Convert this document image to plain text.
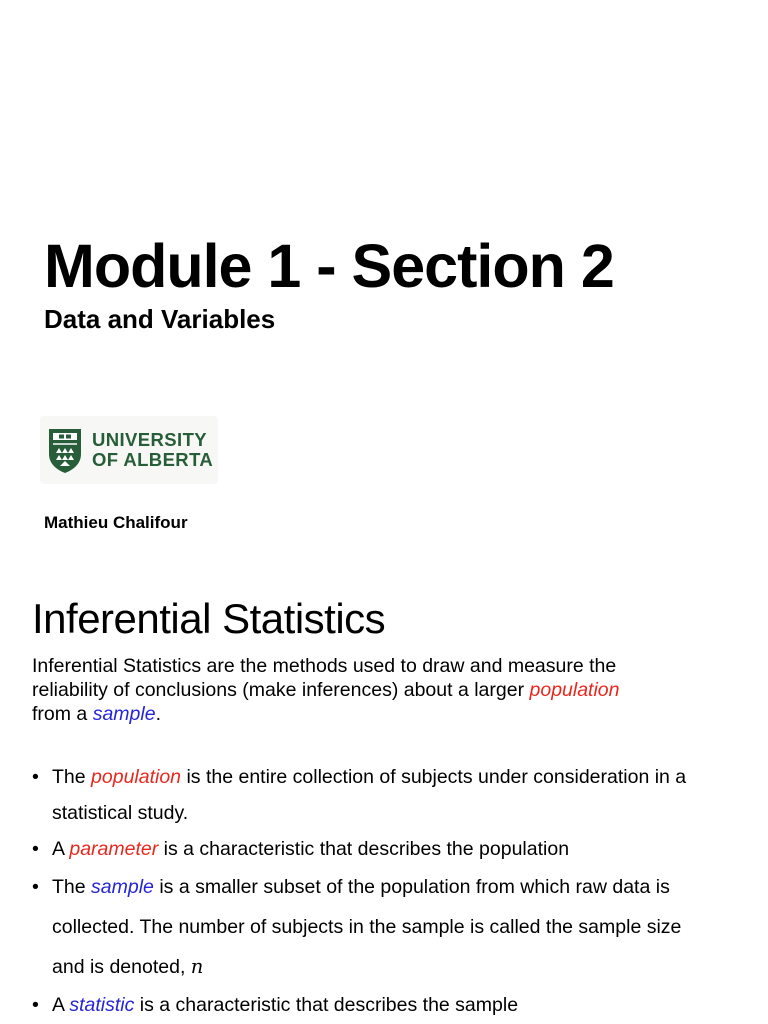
Module 1 - Section 2
Data and Variables
UNIVERSITY
OF ALBERTA
Mathieu Chalifour
Inferential Statistics

Inferential Statistics are the methods used to draw and measure the reliability of conclusions (make inferences) about a larger population
from a sample.

• The population is the entire collection of subjects under consideration in a statistical study.
• A parameter is a characteristic that describes the population
• The sample is a smaller subset of the population from which raw data is collected. The number of subjects in the sample is called the sample size and is denoted, n
• A statistic is a characteristic that describes the sample
